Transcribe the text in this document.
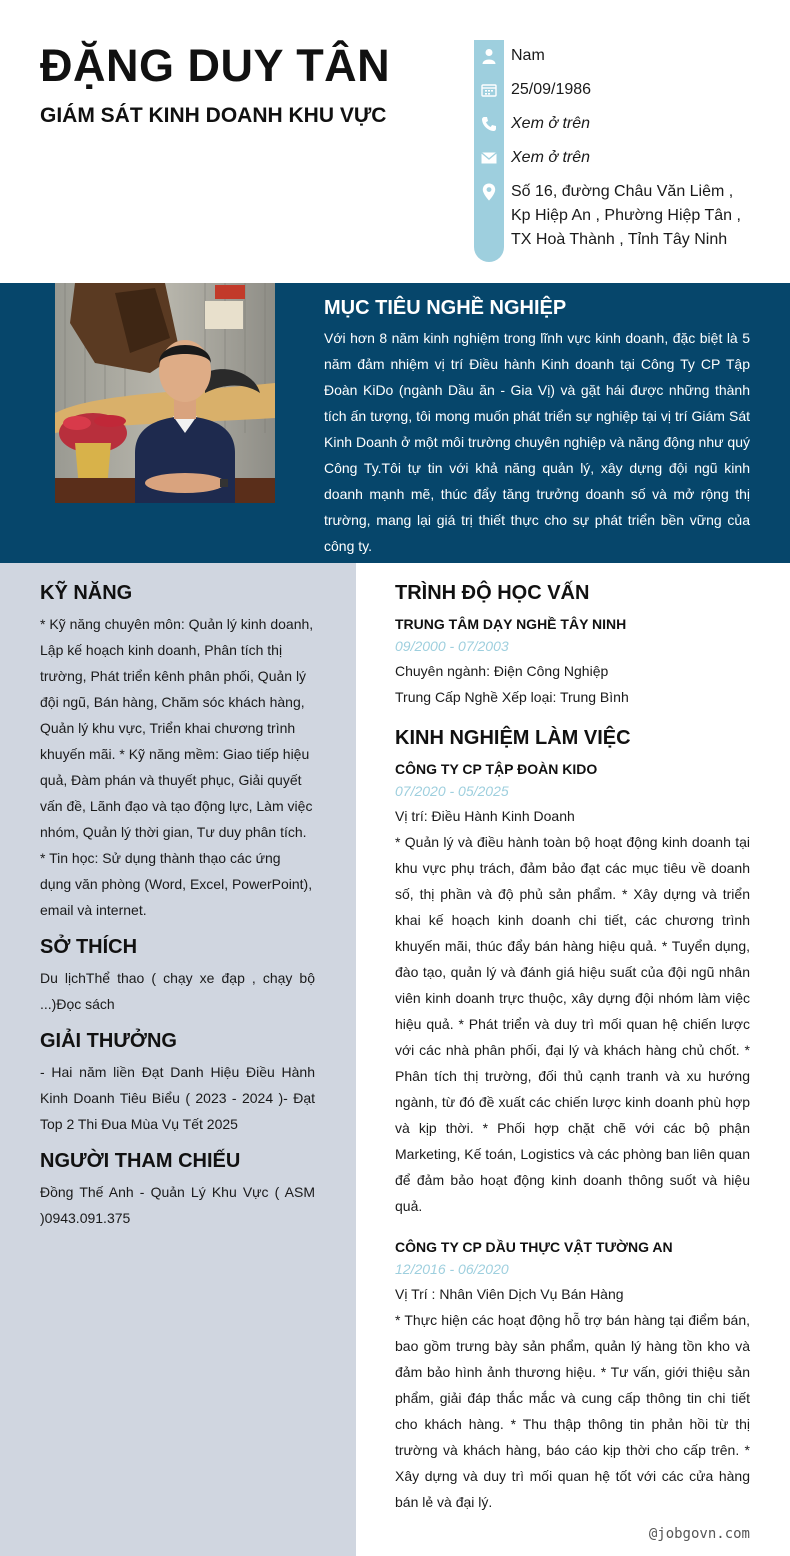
ĐẶNG DUY TÂN
GIÁM SÁT KINH DOANH KHU VỰC
Nam
25/09/1986
Xem ở trên
Xem ở trên
Số 16, đường Châu Văn Liêm , Kp Hiệp An , Phường Hiệp Tân , TX Hoà Thành , Tỉnh Tây Ninh
MỤC TIÊU NGHỀ NGHIỆP
Với hơn 8 năm kinh nghiệm trong lĩnh vực kinh doanh, đặc biệt là 5 năm đảm nhiệm vị trí Điều hành Kinh doanh tại Công Ty CP Tập Đoàn KiDo (ngành Dầu ăn - Gia Vị) và gặt hái được những thành tích ấn tượng, tôi mong muốn phát triển sự nghiệp tại vị trí Giám Sát Kinh Doanh ở một môi trường chuyên nghiệp và năng động như quý Công Ty.Tôi tự tin với khả năng quản lý, xây dựng đội ngũ kinh doanh mạnh mẽ, thúc đẩy tăng trưởng doanh số và mở rộng thị trường, mang lại giá trị thiết thực cho sự phát triển bền vững của công ty.
KỸ NĂNG
* Kỹ năng chuyên môn: Quản lý kinh doanh, Lập kế hoạch kinh doanh, Phân tích thị trường, Phát triển kênh phân phối, Quản lý đội ngũ, Bán hàng, Chăm sóc khách hàng, Quản lý khu vực, Triển khai chương trình khuyến mãi. * Kỹ năng mềm: Giao tiếp hiệu quả, Đàm phán và thuyết phục, Giải quyết vấn đề, Lãnh đạo và tạo động lực, Làm việc nhóm, Quản lý thời gian, Tư duy phân tích. * Tin học: Sử dụng thành thạo các ứng dụng văn phòng (Word, Excel, PowerPoint), email và internet.
SỞ THÍCH
Du lịchThể thao ( chạy xe đạp , chạy bộ ...)Đọc sách
GIẢI THƯỞNG
- Hai năm liền Đạt Danh Hiệu Điều Hành Kinh Doanh Tiêu Biểu ( 2023 - 2024 )- Đạt Top 2 Thi Đua Mùa Vụ Tết 2025
NGƯỜI THAM CHIẾU
Đồng Thế Anh - Quản Lý Khu Vực ( ASM )0943.091.375
TRÌNH ĐỘ HỌC VẤN
TRUNG TÂM DẠY NGHỀ TÂY NINH
09/2000 - 07/2003
Chuyên ngành: Điện Công Nghiệp
Trung Cấp Nghề Xếp loại: Trung Bình
KINH NGHIỆM LÀM VIỆC
CÔNG TY CP TẬP ĐOÀN KIDO
07/2020 - 05/2025
Vị trí: Điều Hành Kinh Doanh
* Quản lý và điều hành toàn bộ hoạt động kinh doanh tại khu vực phụ trách, đảm bảo đạt các mục tiêu về doanh số, thị phần và độ phủ sản phẩm. * Xây dựng và triển khai kế hoạch kinh doanh chi tiết, các chương trình khuyến mãi, thúc đẩy bán hàng hiệu quả. * Tuyển dụng, đào tạo, quản lý và đánh giá hiệu suất của đội ngũ nhân viên kinh doanh trực thuộc, xây dựng đội nhóm làm việc hiệu quả. * Phát triển và duy trì mối quan hệ chiến lược với các nhà phân phối, đại lý và khách hàng chủ chốt. * Phân tích thị trường, đối thủ cạnh tranh và xu hướng ngành, từ đó đề xuất các chiến lược kinh doanh phù hợp và kịp thời. * Phối hợp chặt chẽ với các bộ phận Marketing, Kế toán, Logistics và các phòng ban liên quan để đảm bảo hoạt động kinh doanh thông suốt và hiệu quả.
CÔNG TY CP DẦU THỰC VẬT TƯỜNG AN
12/2016 - 06/2020
Vị Trí : Nhân Viên Dịch Vụ Bán Hàng
* Thực hiện các hoạt động hỗ trợ bán hàng tại điểm bán, bao gồm trưng bày sản phẩm, quản lý hàng tồn kho và đảm bảo hình ảnh thương hiệu. * Tư vấn, giới thiệu sản phẩm, giải đáp thắc mắc và cung cấp thông tin chi tiết cho khách hàng. * Thu thập thông tin phản hồi từ thị trường và khách hàng, báo cáo kịp thời cho cấp trên. * Xây dựng và duy trì mối quan hệ tốt với các cửa hàng bán lẻ và đại lý.
@jobgovn.com
